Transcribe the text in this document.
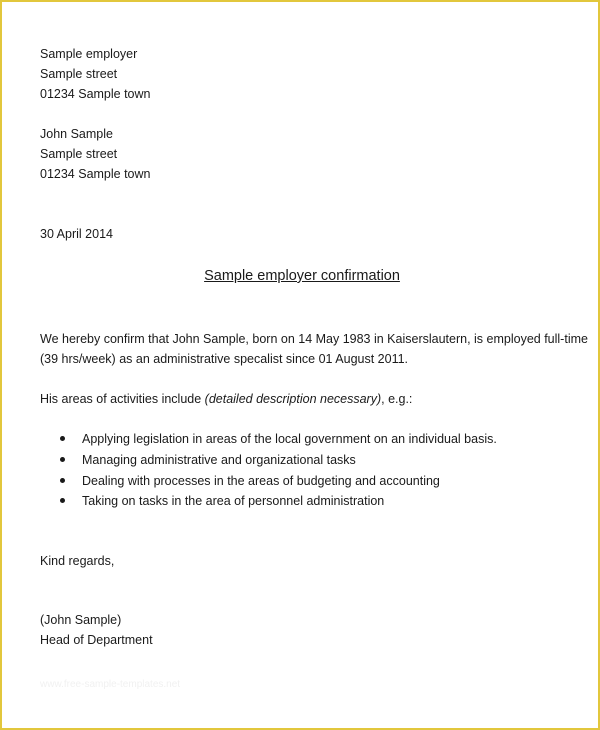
Sample employer
Sample street
01234 Sample town
John Sample
Sample street
01234 Sample town
30 April 2014
Sample employer confirmation
We hereby confirm that John Sample, born on 14 May 1983 in Kaiserslautern, is employed full-time
(39 hrs/week) as an administrative specalist since 01 August 2011.
His areas of activities include (detailed description necessary), e.g.:
Applying legislation in areas of the local government on an individual basis.
Managing administrative and organizational tasks
Dealing with processes in the areas of budgeting and accounting
Taking on tasks in the area of personnel administration
Kind regards,
(John Sample)
Head of Department
www.free-sample-templates.net
